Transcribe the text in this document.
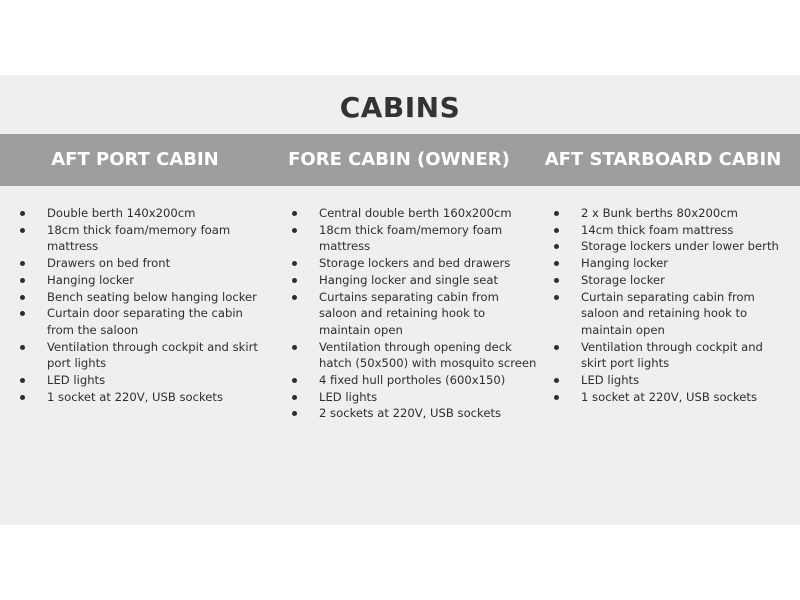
CABINS
AFT PORT CABIN	FORE CABIN (OWNER)	AFT STARBOARD CABIN
Double berth 140x200cm
18cm thick foam/memory foam mattress
Drawers on bed front
Hanging locker
Bench seating below hanging locker
Curtain door separating the cabin from the saloon
Ventilation through cockpit and skirt port lights
LED lights
1 socket at 220V, USB sockets
Central double berth 160x200cm
18cm thick foam/memory foam mattress
Storage lockers and bed drawers
Hanging locker and single seat
Curtains separating cabin from saloon and retaining hook to maintain open
Ventilation through opening deck hatch (50x500) with mosquito screen
4 fixed hull portholes (600x150)
LED lights
2 sockets at 220V, USB sockets
2 x Bunk berths 80x200cm
14cm thick foam mattress
Storage lockers under lower berth
Hanging locker
Storage locker
Curtain separating cabin from saloon and retaining hook to maintain open
Ventilation through cockpit and skirt port lights
LED lights
1 socket at 220V, USB sockets
